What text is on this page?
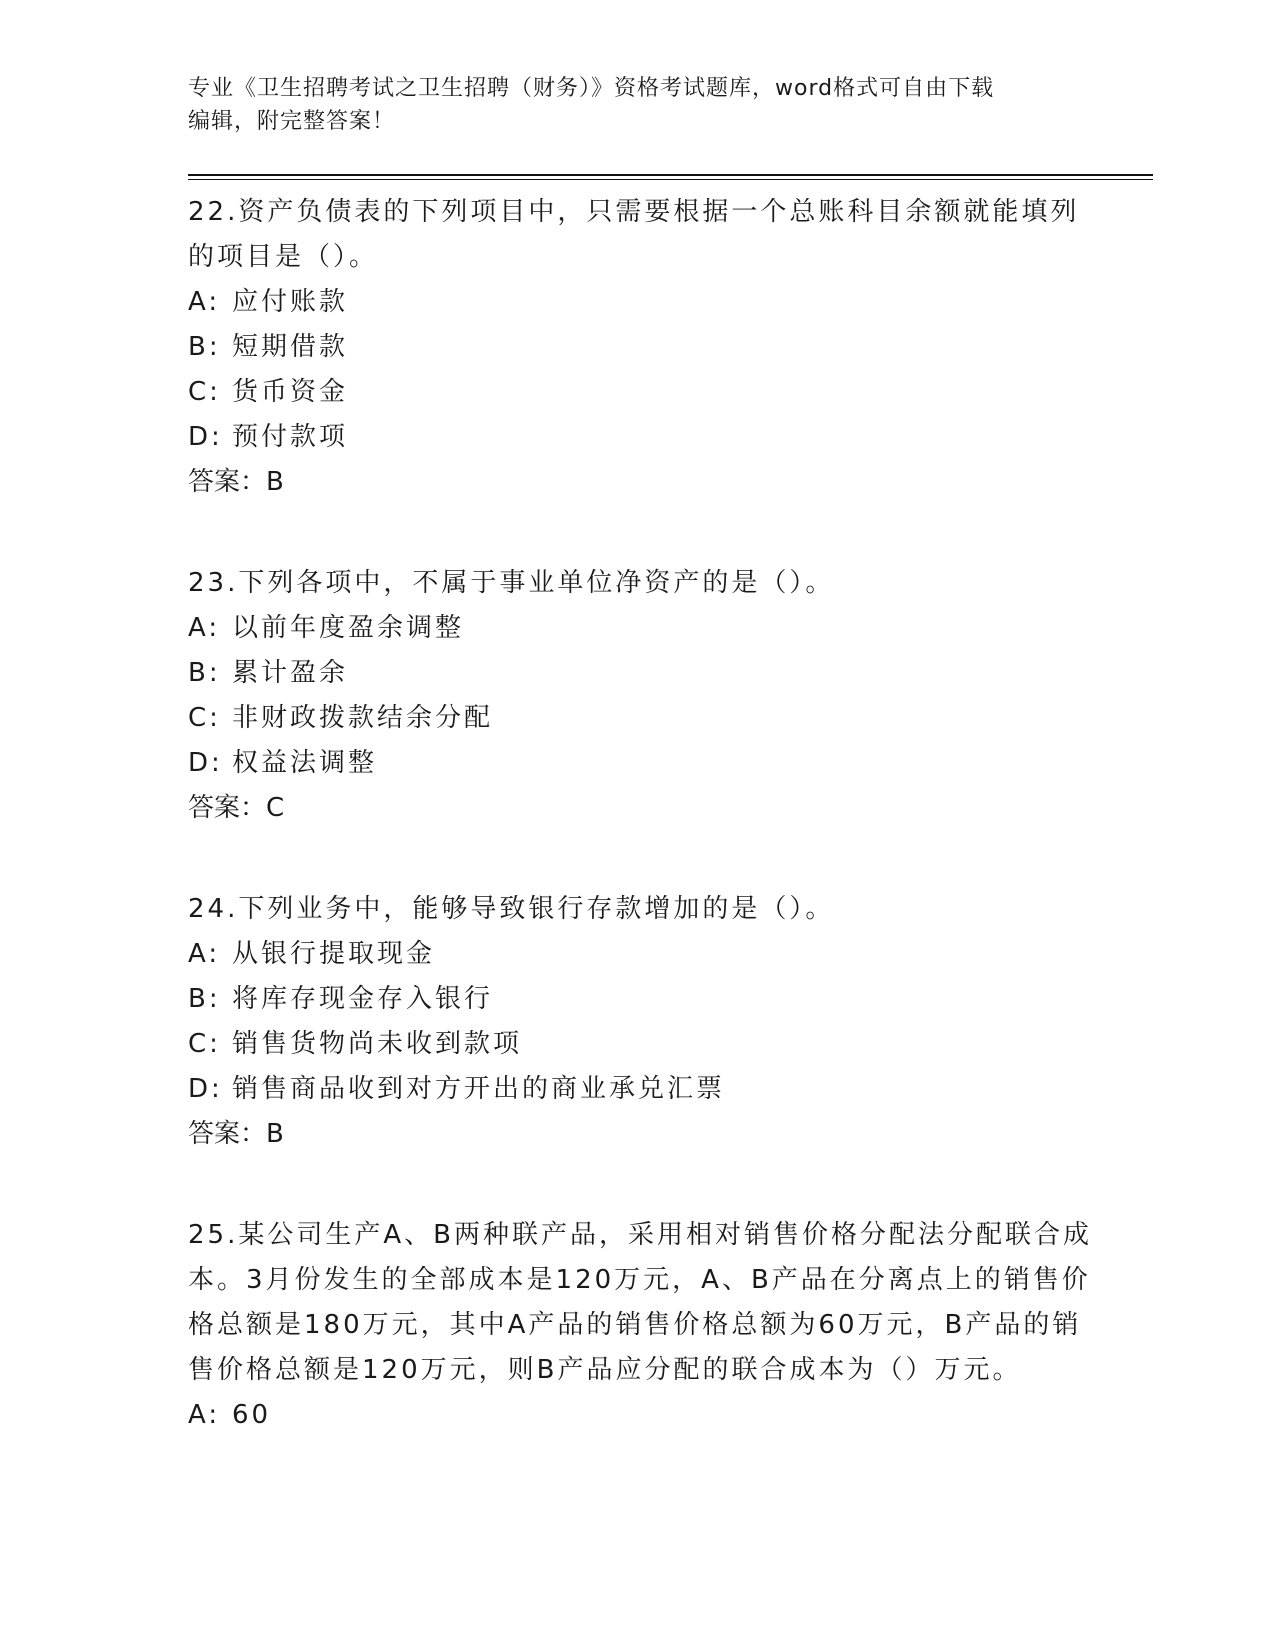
专业《卫生招聘考试之卫生招聘（财务）》资格考试题库，word格式可自由下载

编辑，附完整答案！

22.资产负债表的下列项目中，只需要根据一个总账科目余额就能填列的项目是（）。

A: 应付账款

B: 短期借款

C: 货币资金

D: 预付款项

答案：B

23.下列各项中，不属于事业单位净资产的是（）。

A: 以前年度盈余调整

B: 累计盈余

C: 非财政拨款结余分配

D: 权益法调整

答案：C

24.下列业务中，能够导致银行存款增加的是（）。

A: 从银行提取现金

B: 将库存现金存入银行

C: 销售货物尚未收到款项

D: 销售商品收到对方开出的商业承兑汇票

答案：B

25.某公司生产A、B两种联产品，采用相对销售价格分配法分配联合成本。3月份发生的全部成本是120万元，A、B产品在分离点上的销售价格总额是180万元，其中A产品的销售价格总额为60万元，B产品的销售价格总额是120万元，则B产品应分配的联合成本为（）万元。

A: 60
